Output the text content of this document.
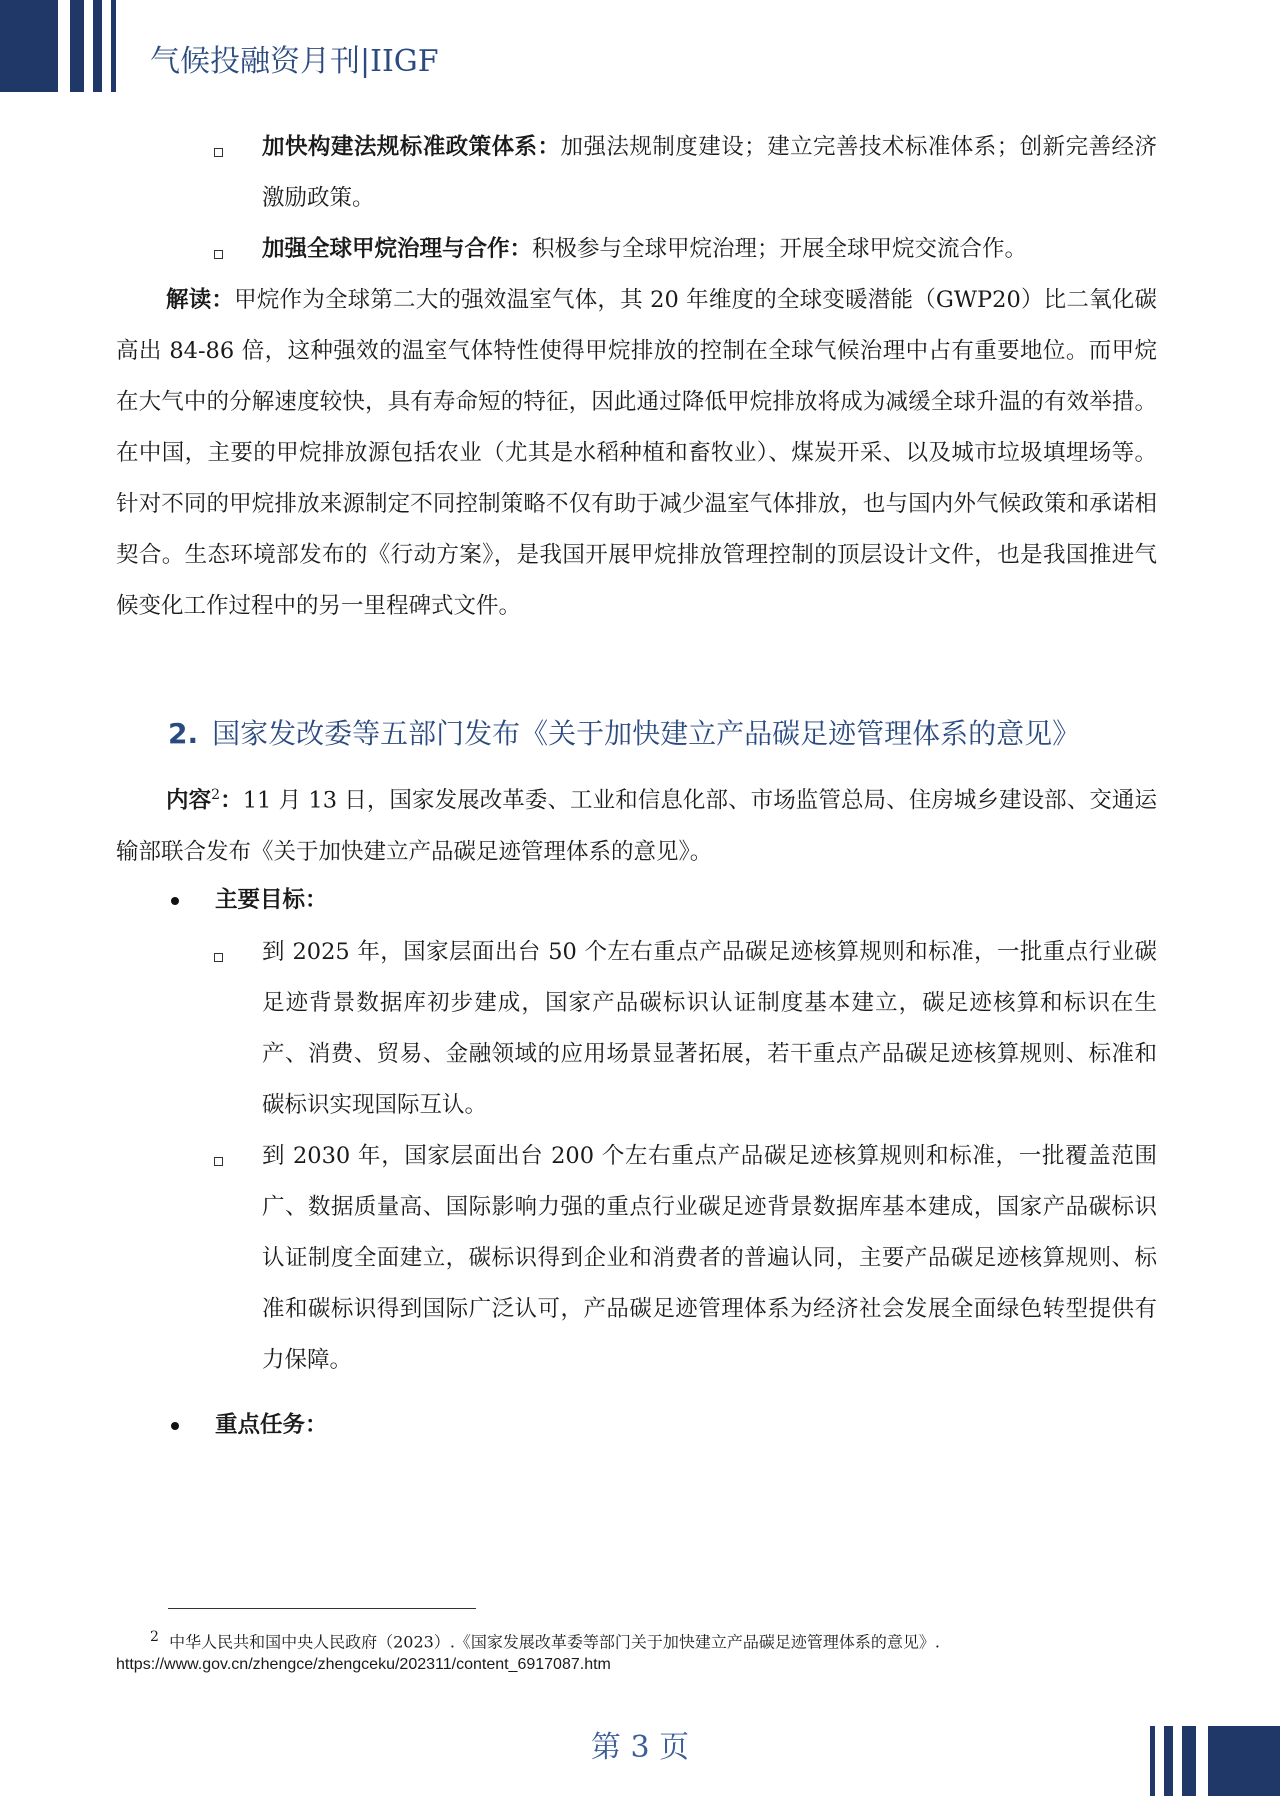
气候投融资月刊|IIGF
加快构建法规标准政策体系：加强法规制度建设；建立完善技术标准体系；创新完善经济激励政策。
加强全球甲烷治理与合作：积极参与全球甲烷治理；开展全球甲烷交流合作。
解读：甲烷作为全球第二大的强效温室气体，其 20 年维度的全球变暖潜能（GWP20）比二氧化碳高出 84-86 倍，这种强效的温室气体特性使得甲烷排放的控制在全球气候治理中占有重要地位。而甲烷在大气中的分解速度较快，具有寿命短的特征，因此通过降低甲烷排放将成为减缓全球升温的有效举措。在中国，主要的甲烷排放源包括农业（尤其是水稻种植和畜牧业）、煤炭开采、以及城市垃圾填埋场等。针对不同的甲烷排放来源制定不同控制策略不仅有助于减少温室气体排放，也与国内外气候政策和承诺相契合。生态环境部发布的《行动方案》，是我国开展甲烷排放管理控制的顶层设计文件，也是我国推进气候变化工作过程中的另一里程碑式文件。
2. 国家发改委等五部门发布《关于加快建立产品碳足迹管理体系的意见》
内容$^2$：11 月 13 日，国家发展改革委、工业和信息化部、市场监管总局、住房城乡建设部、交通运输部联合发布《关于加快建立产品碳足迹管理体系的意见》。
主要目标：
到 2025 年，国家层面出台 50 个左右重点产品碳足迹核算规则和标准，一批重点行业碳足迹背景数据库初步建成，国家产品碳标识认证制度基本建立，碳足迹核算和标识在生产、消费、贸易、金融领域的应用场景显著拓展，若干重点产品碳足迹核算规则、标准和碳标识实现国际互认。
到 2030 年，国家层面出台 200 个左右重点产品碳足迹核算规则和标准，一批覆盖范围广、数据质量高、国际影响力强的重点行业碳足迹背景数据库基本建成，国家产品碳标识认证制度全面建立，碳标识得到企业和消费者的普遍认同，主要产品碳足迹核算规则、标准和碳标识得到国际广泛认可，产品碳足迹管理体系为经济社会发展全面绿色转型提供有力保障。
重点任务：
$^2$ 中华人民共和国中央人民政府（2023）.《国家发展改革委等部门关于加快建立产品碳足迹管理体系的意见》.
https://www.gov.cn/zhengce/zhengceku/202311/content_6917087.htm
第 3 页
